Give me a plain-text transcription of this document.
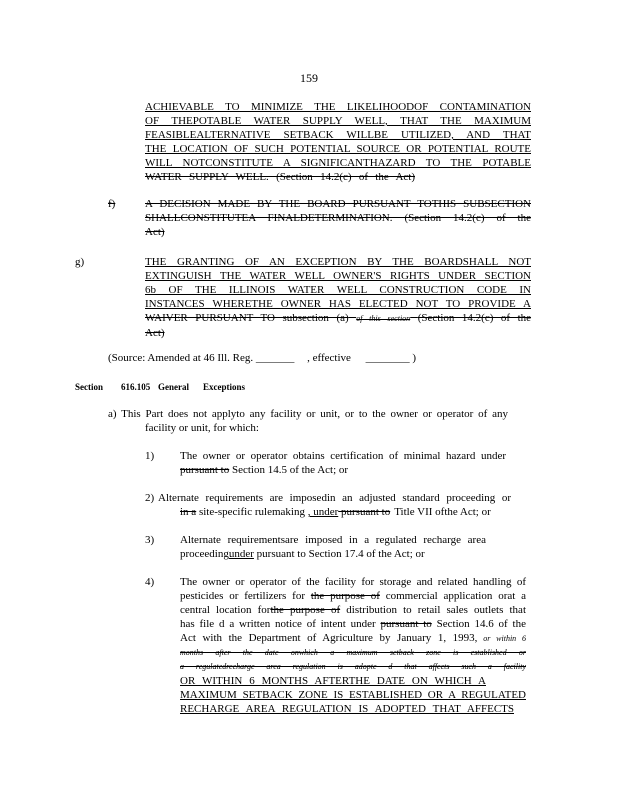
159
ACHIEVABLE TO MINIMIZE THE LIKELIHOODOF CONTAMINATION
OF THEPOTABLE WATER SUPPLY WELL, THAT THE MAXIMUM
FEASIBLEALTERNATIVE SETBACK WILLBE UTILIZED, AND THAT
THE LOCATION OF SUCH POTENTIAL SOURCE OR POTENTIAL ROUTE
WILL NOTCONSTITUTE A SIGNIFICANTHAZARD TO THE POTABLE
WATER SUPPLY WELL. (Section 14.2(c) of the Act)
f)	A DECISION MADE BY THE BOARD PURSUANT TOTHIS SUBSECTION
SHALLCONSTITUTEA FINALDETERMINATION. (Section 14.2(c) of the
Act)
g)	THE GRANTING OF AN EXCEPTION BY THE BOARDSHALL NOT
EXTINGUISH THE WATER WELL OWNER'S RIGHTS UNDER SECTION
6b OF THE ILLINOIS WATER WELL CONSTRUCTION CODE IN
INSTANCES WHERETHE OWNER HAS ELECTED NOT TO PROVIDE A
WAIVER PURSUANT TO subsection (a) of this section (Section 14.2(c) of the
Act)
(Source: Amended at 46 Ill. Reg. _______ , effective ________ )
Section 616.105 General Exceptions
a) This Part does not applyto any facility or unit, or to the owner or operator of any
facility or unit, for which:
1) The owner or operator obtains certification of minimal hazard under
pursuant to Section 14.5 of the Act; or
2) Alternate requirements are imposedin an adjusted standard proceeding or
in a site-specific rulemaking , under pursuant to Title VII ofthe Act; or
3) Alternate requirementsare imposed in a regulated recharge area
proceedingunder pursuant to Section 17.4 of the Act; or
4) The owner or operator of the facility for storage and related handling of
pesticides or fertilizers for the purpose of commercial application orat a
central location forthe purpose of distribution to retail sales outlets that
has file d a written notice of intent under pursuant to Section 14.6 of the
Act with the Department of Agriculture by January 1, 1993, or within 6
months after the date onwhich a maximum setback zone is established or
a regulatedrecharge area regulation is adopte d that affects such a facility
OR WITHIN 6 MONTHS AFTERTHE DATE ON WHICH A
MAXIMUM SETBACK ZONE IS ESTABLISHED OR A REGULATED
RECHARGE AREA REGULATION IS ADOPTED THAT AFFECTS
